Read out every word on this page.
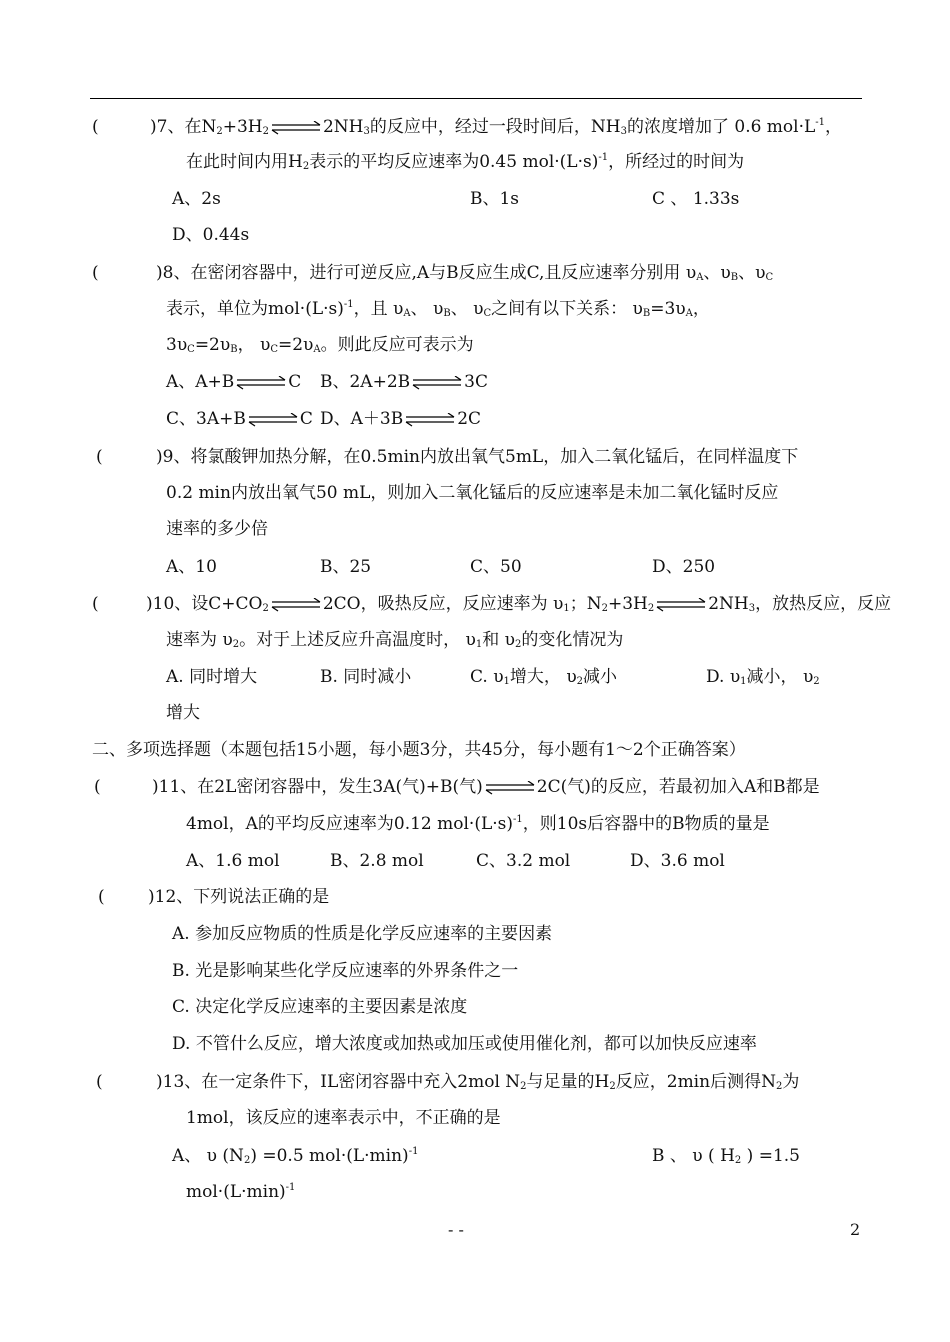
(	)7、在$N_2+3H_2\rightleftharpoons 2NH_3$的反应中，经过一段时间后，$NH_3$的浓度增加了 0.6 $mol\cdot L^{-1}$，
在此时间内用$H_2$表示的平均反应速率为0.45 $mol\cdot(L\cdot s)^{-1}$，所经过的时间为
A、2s	B、1s	C 、 1.33s
D、0.44s
(	)8、在密闭容器中，进行可逆反应,A与B反应生成C,且反应速率分别用 $\upsilon_A$、$\upsilon_B$、$\upsilon_C$
表示，单位为$mol\cdot(L\cdot s)^{-1}$，且 $\upsilon_A$、 $\upsilon_B$、 $\upsilon_C$之间有以下关系： $\upsilon_B=3\upsilon_A$，
$3\upsilon_C=2\upsilon_B$， $\upsilon_C=2\upsilon_A$。则此反应可表示为
A、A+B⇌C B、2A+2B⇌3C
C、3A+B⇌C D、A＋3B⇌2C
(	)9、将氯酸钾加热分解，在0.5min内放出氧气5mL，加入二氧化锰后，在同样温度下
0.2 min内放出氧气50 mL，则加入二氧化锰后的反应速率是未加二氧化锰时反应
速率的多少倍
A、10	B、25	C、50	D、250
(	)10、设$C+CO_2\rightleftharpoons 2CO$，吸热反应，反应速率为 $\upsilon_1$；$N_2+3H_2\rightleftharpoons 2NH_3$，放热反应，反应
速率为 $\upsilon_2$。对于上述反应升高温度时， $\upsilon_1$和 $\upsilon_2$的变化情况为
A. 同时增大	B. 同时减小	C. $\upsilon_1$增大， $\upsilon_2$减小	D. $\upsilon_1$减小， $\upsilon_2$
增大
二、多项选择题（本题包括15小题，每小题3分，共45分，每小题有1～2个正确答案）
(	)11、在2L密闭容器中，发生3A(气)+B(气)⇌2C(气)的反应，若最初加入A和B都是
4mol，A的平均反应速率为0.12 $mol\cdot(L\cdot s)^{-1}$，则10s后容器中的B物质的量是
A、1.6 mol	B、2.8 mol	C、3.2 mol	D、3.6 mol
(	)12、下列说法正确的是
A. 参加反应物质的性质是化学反应速率的主要因素
B. 光是影响某些化学反应速率的外界条件之一
C. 决定化学反应速率的主要因素是浓度
D. 不管什么反应，增大浓度或加热或加压或使用催化剂，都可以加快反应速率
(	)13、在一定条件下，IL密闭容器中充入2mol $N_2$与足量的$H_2$反应，2min后测得$N_2$为
1mol，该反应的速率表示中，不正确的是
A、 υ $(N_2) =0.5$ $mol\cdot(L\cdot\min)^{-1}$	B 、 υ ( $H_2$ ) =1.5
$mol\cdot(L\cdot\min)^{-1}$
- -	2
